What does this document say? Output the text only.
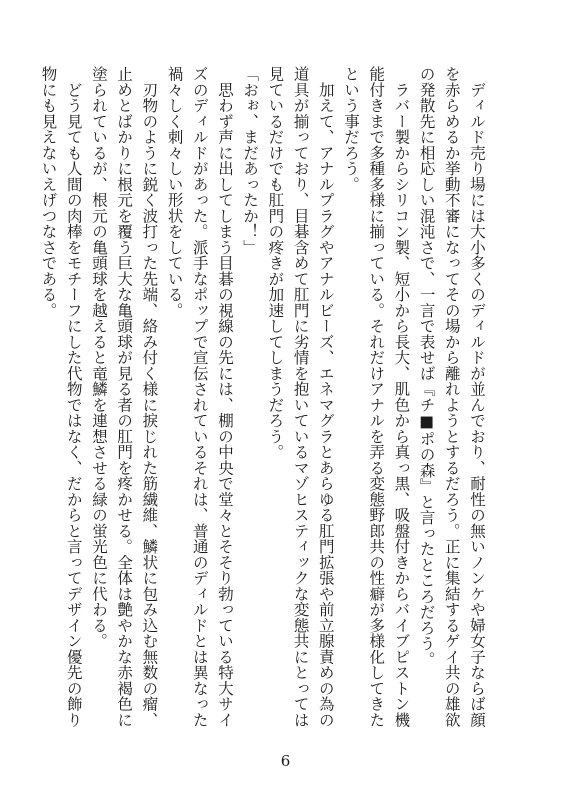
　ディルド売り場には大小多くのディルドが並んでおり、耐性の無いノンケや婦女子ならば顔
を赤らめるか挙動不審になってその場から離れようとするだろう。正に集結するゲイ共の雄欲
の発散先に相応しい混沌さで、一言で表せば『チ■ポの森』と言ったところだろう。
　ラバー製からシリコン製、短小から長大、肌色から真っ黒、吸盤付きからバイブピストン機
能付きまで多種多様に揃っている。それだけアナルを弄る変態野郎共の性癖が多様化してきた
という事だろう。
　加えて、アナルプラグやアナルビーズ、エネマグラとあらゆる肛門拡張や前立腺責めの為の
道具が揃っており、目碁含めて肛門に劣情を抱いているマゾヒスティックな変態共にとっては
見ているだけでも肛門の疼きが加速してしまうだろう。
「おぉ、まだあったか！」
　思わず声に出してしまう目碁の視線の先には、棚の中央で堂々とそそり勃っている特大サイ
ズのディルドがあった。派手なポップで宣伝されているそれは、普通のディルドとは異なった
禍々しく刺々しい形状をしている。
　刃物のように鋭く波打った先端、絡み付く様に捩じれた筋繊維、鱗状に包み込む無数の瘤、
止めとばかりに根元を覆う巨大な亀頭球が見る者の肛門を疼かせる。全体は艶やかな赤褐色に
塗られているが、根元の亀頭球を越えると竜鱗を連想させる緑の蛍光色に代わる。
　どう見ても人間の肉棒をモチーフにした代物ではなく、だからと言ってデザイン優先の飾り
物にも見えないえげつなさである。
6
